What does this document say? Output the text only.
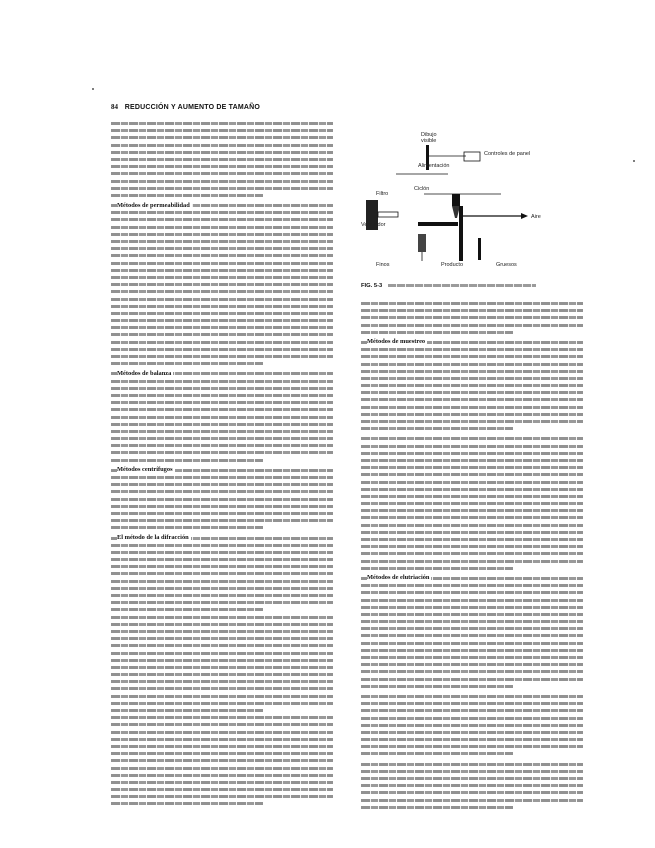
84 REDUCCIÓN Y AUMENTO DE TAMAÑO
Métodos de permeabilidad
Métodos de balanza
Métodos centrífugos
El método de la difracción
Dibujo
visible
Controles de panel
Alimentación
Ciclón
Filtro
Ventilador
Aire
Finos	Producto	Gruesos
FIG. 5-3
Métodos de muestreo
Métodos de elutriación
